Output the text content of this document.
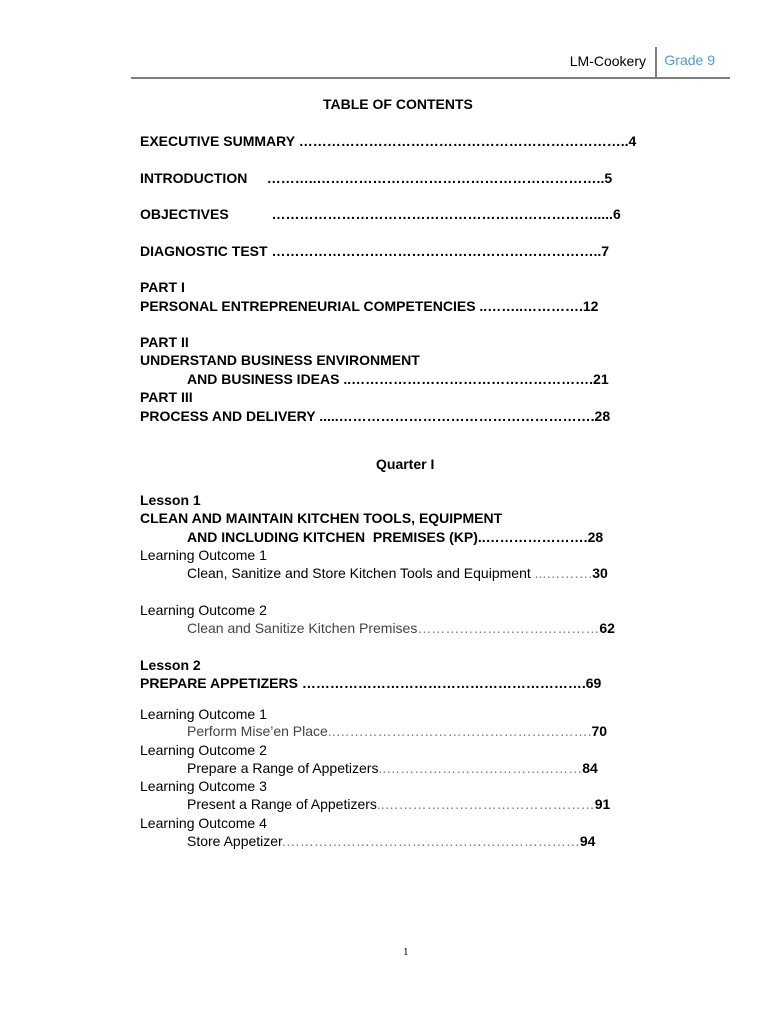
LM-Cookery Grade 9
TABLE OF CONTENTS
EXECUTIVE SUMMARY ……………………………………………………………..4
INTRODUCTION     ………..……………………………………………………..5
OBJECTIVES           …………………………………………………………….....6
DIAGNOSTIC TEST ……………………………………………………………..7
PART I
PERSONAL ENTREPRENEURIAL COMPETENCIES ..……..………….12
PART II
UNDERSTAND BUSINESS ENVIRONMENT
AND BUSINESS IDEAS ..…………………………………………….21
PART III
PROCESS AND DELIVERY .....……………………………………………….28
Quarter I
Lesson 1
CLEAN AND MAINTAIN KITCHEN TOOLS, EQUIPMENT
AND INCLUDING KITCHEN  PREMISES (KP)..………………….28
Learning Outcome 1
Clean, Sanitize and Store Kitchen Tools and Equipment ...……….30
Learning Outcome 2
Clean and Sanitize Kitchen Premises…………………………………62
Lesson 2
PREPARE APPETIZERS …………………………………………………….69
Learning Outcome 1
Perform Mise’en Place..……………………………………………….70
Learning Outcome 2
Prepare a Range of Appetizers..……………………………………84
Learning Outcome 3
Present a Range of Appetizers..………………………………………91
Learning Outcome 4
Store Appetizer.………………………………………………………94
1
